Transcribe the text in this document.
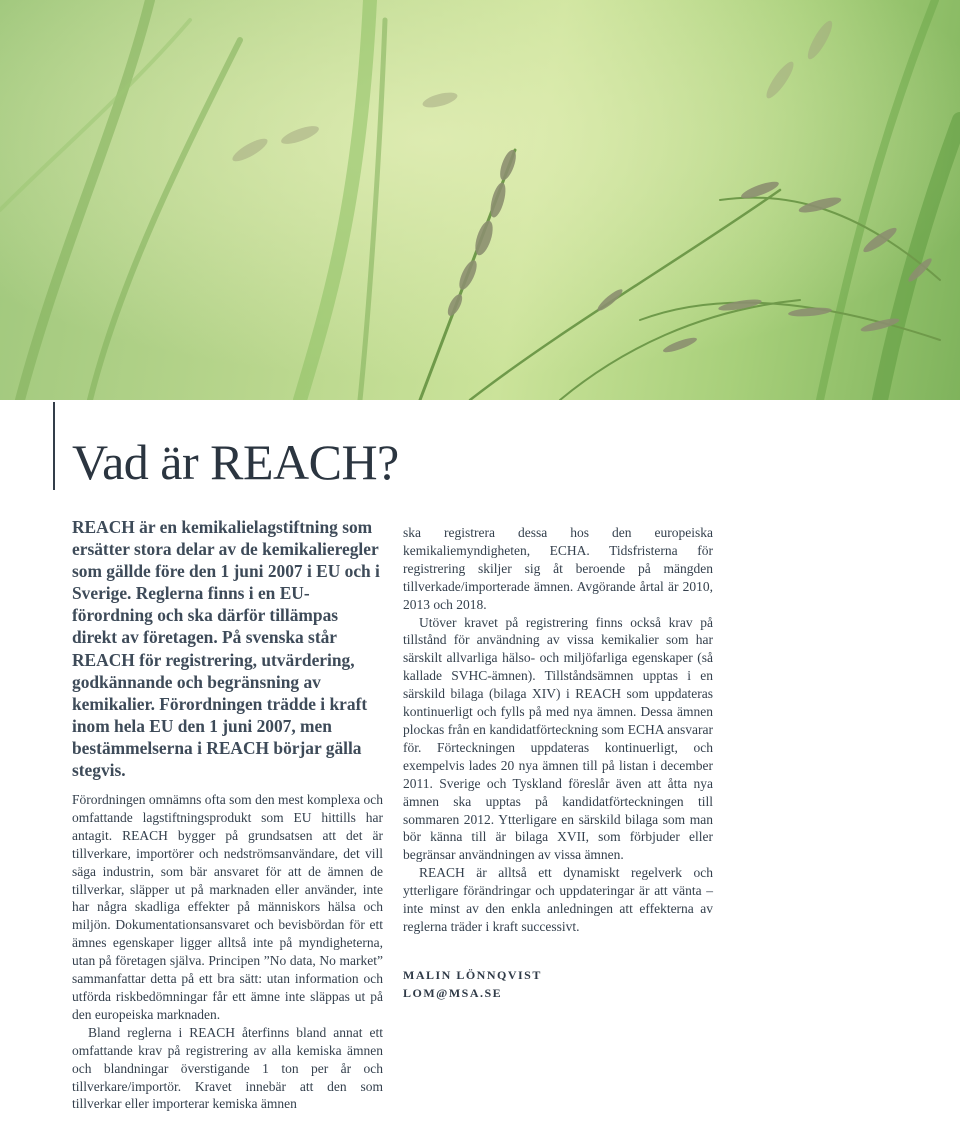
Vad är REACH?

REACH är en kemikalielagstiftning som ersätter stora delar av de kemikalieregler som gällde före den 1 juni 2007 i EU och i Sverige. Reglerna finns i en EU-förordning och ska därför tillämpas direkt av företagen. På svenska står REACH för registrering, utvärdering, godkännande och begränsning av kemikalier. Förordningen trädde i kraft inom hela EU den 1 juni 2007, men bestämmelserna i REACH börjar gälla stegvis.

Förordningen omnämns ofta som den mest komplexa och omfattande lagstiftningsprodukt som EU hittills har antagit. REACH bygger på grundsatsen att det är tillverkare, importörer och nedströmsanvändare, det vill säga industrin, som bär ansvaret för att de ämnen de tillverkar, släpper ut på marknaden eller använder, inte har några skadliga effekter på människors hälsa och miljön. Dokumentationsansvaret och bevisbördan för ett ämnes egenskaper ligger alltså inte på myndigheterna, utan på företagen själva. Principen ”No data, No market” sammanfattar detta på ett bra sätt: utan information och utförda riskbedömningar får ett ämne inte släppas ut på den europeiska marknaden.

Bland reglerna i REACH återfinns bland annat ett omfattande krav på registrering av alla kemiska ämnen och blandningar överstigande 1 ton per år och tillverkare/importör. Kravet innebär att den som tillverkar eller importerar kemiska ämnen

ska registrera dessa hos den europeiska kemikaliemyndigheten, ECHA. Tidsfristerna för registrering skiljer sig åt beroende på mängden tillverkade/importerade ämnen. Avgörande årtal är 2010, 2013 och 2018.

Utöver kravet på registrering finns också krav på tillstånd för användning av vissa kemikalier som har särskilt allvarliga hälso- och miljöfarliga egenskaper (så kallade SVHC-ämnen). Tillståndsämnen upptas i en särskild bilaga (bilaga XIV) i REACH som uppdateras kontinuerligt och fylls på med nya ämnen. Dessa ämnen plockas från en kandidatförteckning som ECHA ansvarar för. Förteckningen uppdateras kontinuerligt, och exempelvis lades 20 nya ämnen till på listan i december 2011. Sverige och Tyskland föreslår även att åtta nya ämnen ska upptas på kandidatförteckningen till sommaren 2012. Ytterligare en särskild bilaga som man bör känna till är bilaga XVII, som förbjuder eller begränsar användningen av vissa ämnen.

REACH är alltså ett dynamiskt regelverk och ytterligare förändringar och uppdateringar är att vänta – inte minst av den enkla anledningen att effekterna av reglerna träder i kraft successivt.

MALIN LÖNNQVIST
LOM@MSA.SE
